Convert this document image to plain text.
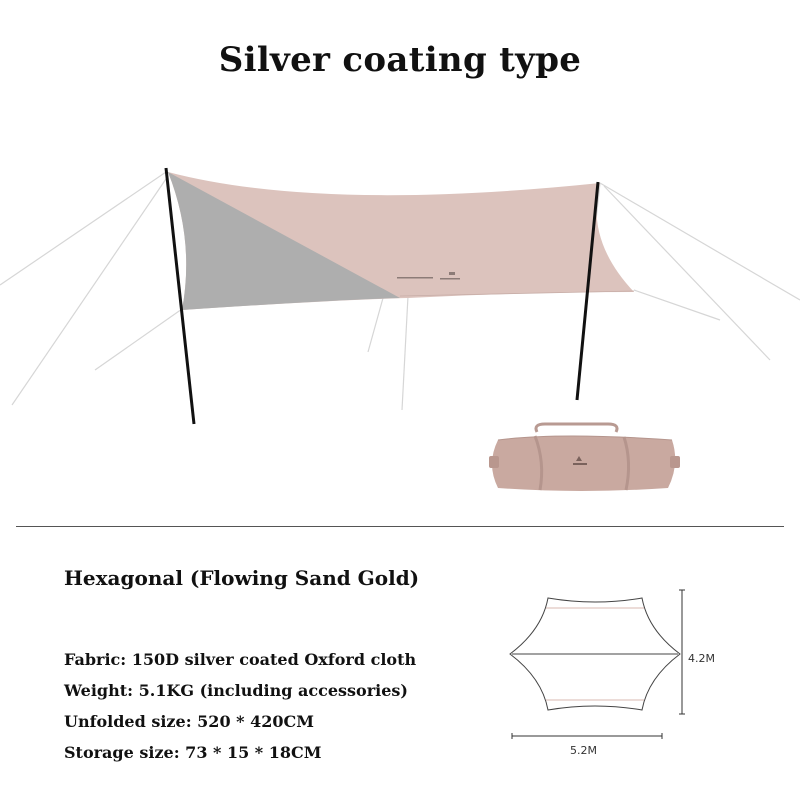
Silver coating type
Hexagonal (Flowing Sand Gold)
Fabric: 150D silver coated Oxford cloth
Weight: 5.1KG (including accessories)
Unfolded size: 520 * 420CM
Storage size: 73 * 15 * 18CM
4.2M
5.2M
